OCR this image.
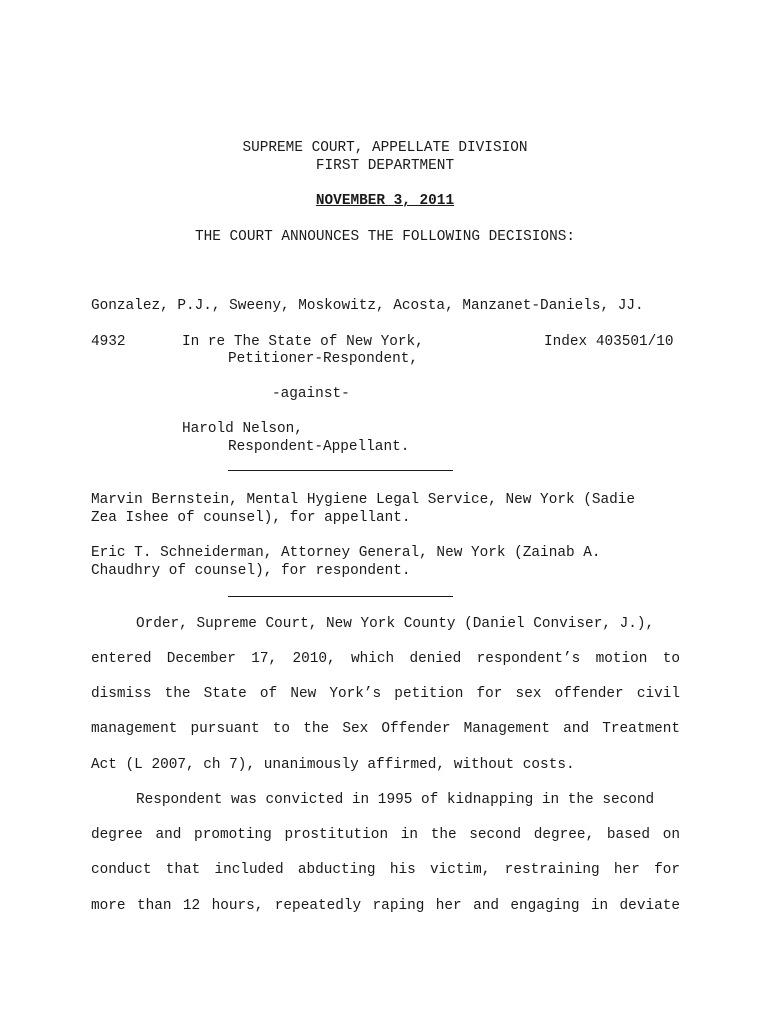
SUPREME COURT, APPELLATE DIVISION
FIRST DEPARTMENT
NOVEMBER 3, 2011
THE COURT ANNOUNCES THE FOLLOWING DECISIONS:
Gonzalez, P.J., Sweeny, Moskowitz, Acosta, Manzanet-Daniels, JJ.
4932	In re The State of New York,	Index 403501/10
Petitioner-Respondent,
-against-
Harold Nelson,
Respondent-Appellant.
Marvin Bernstein, Mental Hygiene Legal Service, New York (Sadie
Zea Ishee of counsel), for appellant.
Eric T. Schneiderman, Attorney General, New York (Zainab A.
Chaudhry of counsel), for respondent.
Order, Supreme Court, New York County (Daniel Conviser, J.),
entered December 17, 2010, which denied respondent’s motion to
dismiss the State of New York’s petition for sex offender civil
management pursuant to the Sex Offender Management and Treatment
Act (L 2007, ch 7), unanimously affirmed, without costs.
Respondent was convicted in 1995 of kidnapping in the second
degree and promoting prostitution in the second degree, based on
conduct that included abducting his victim, restraining her for
more than 12 hours, repeatedly raping her and engaging in deviate
